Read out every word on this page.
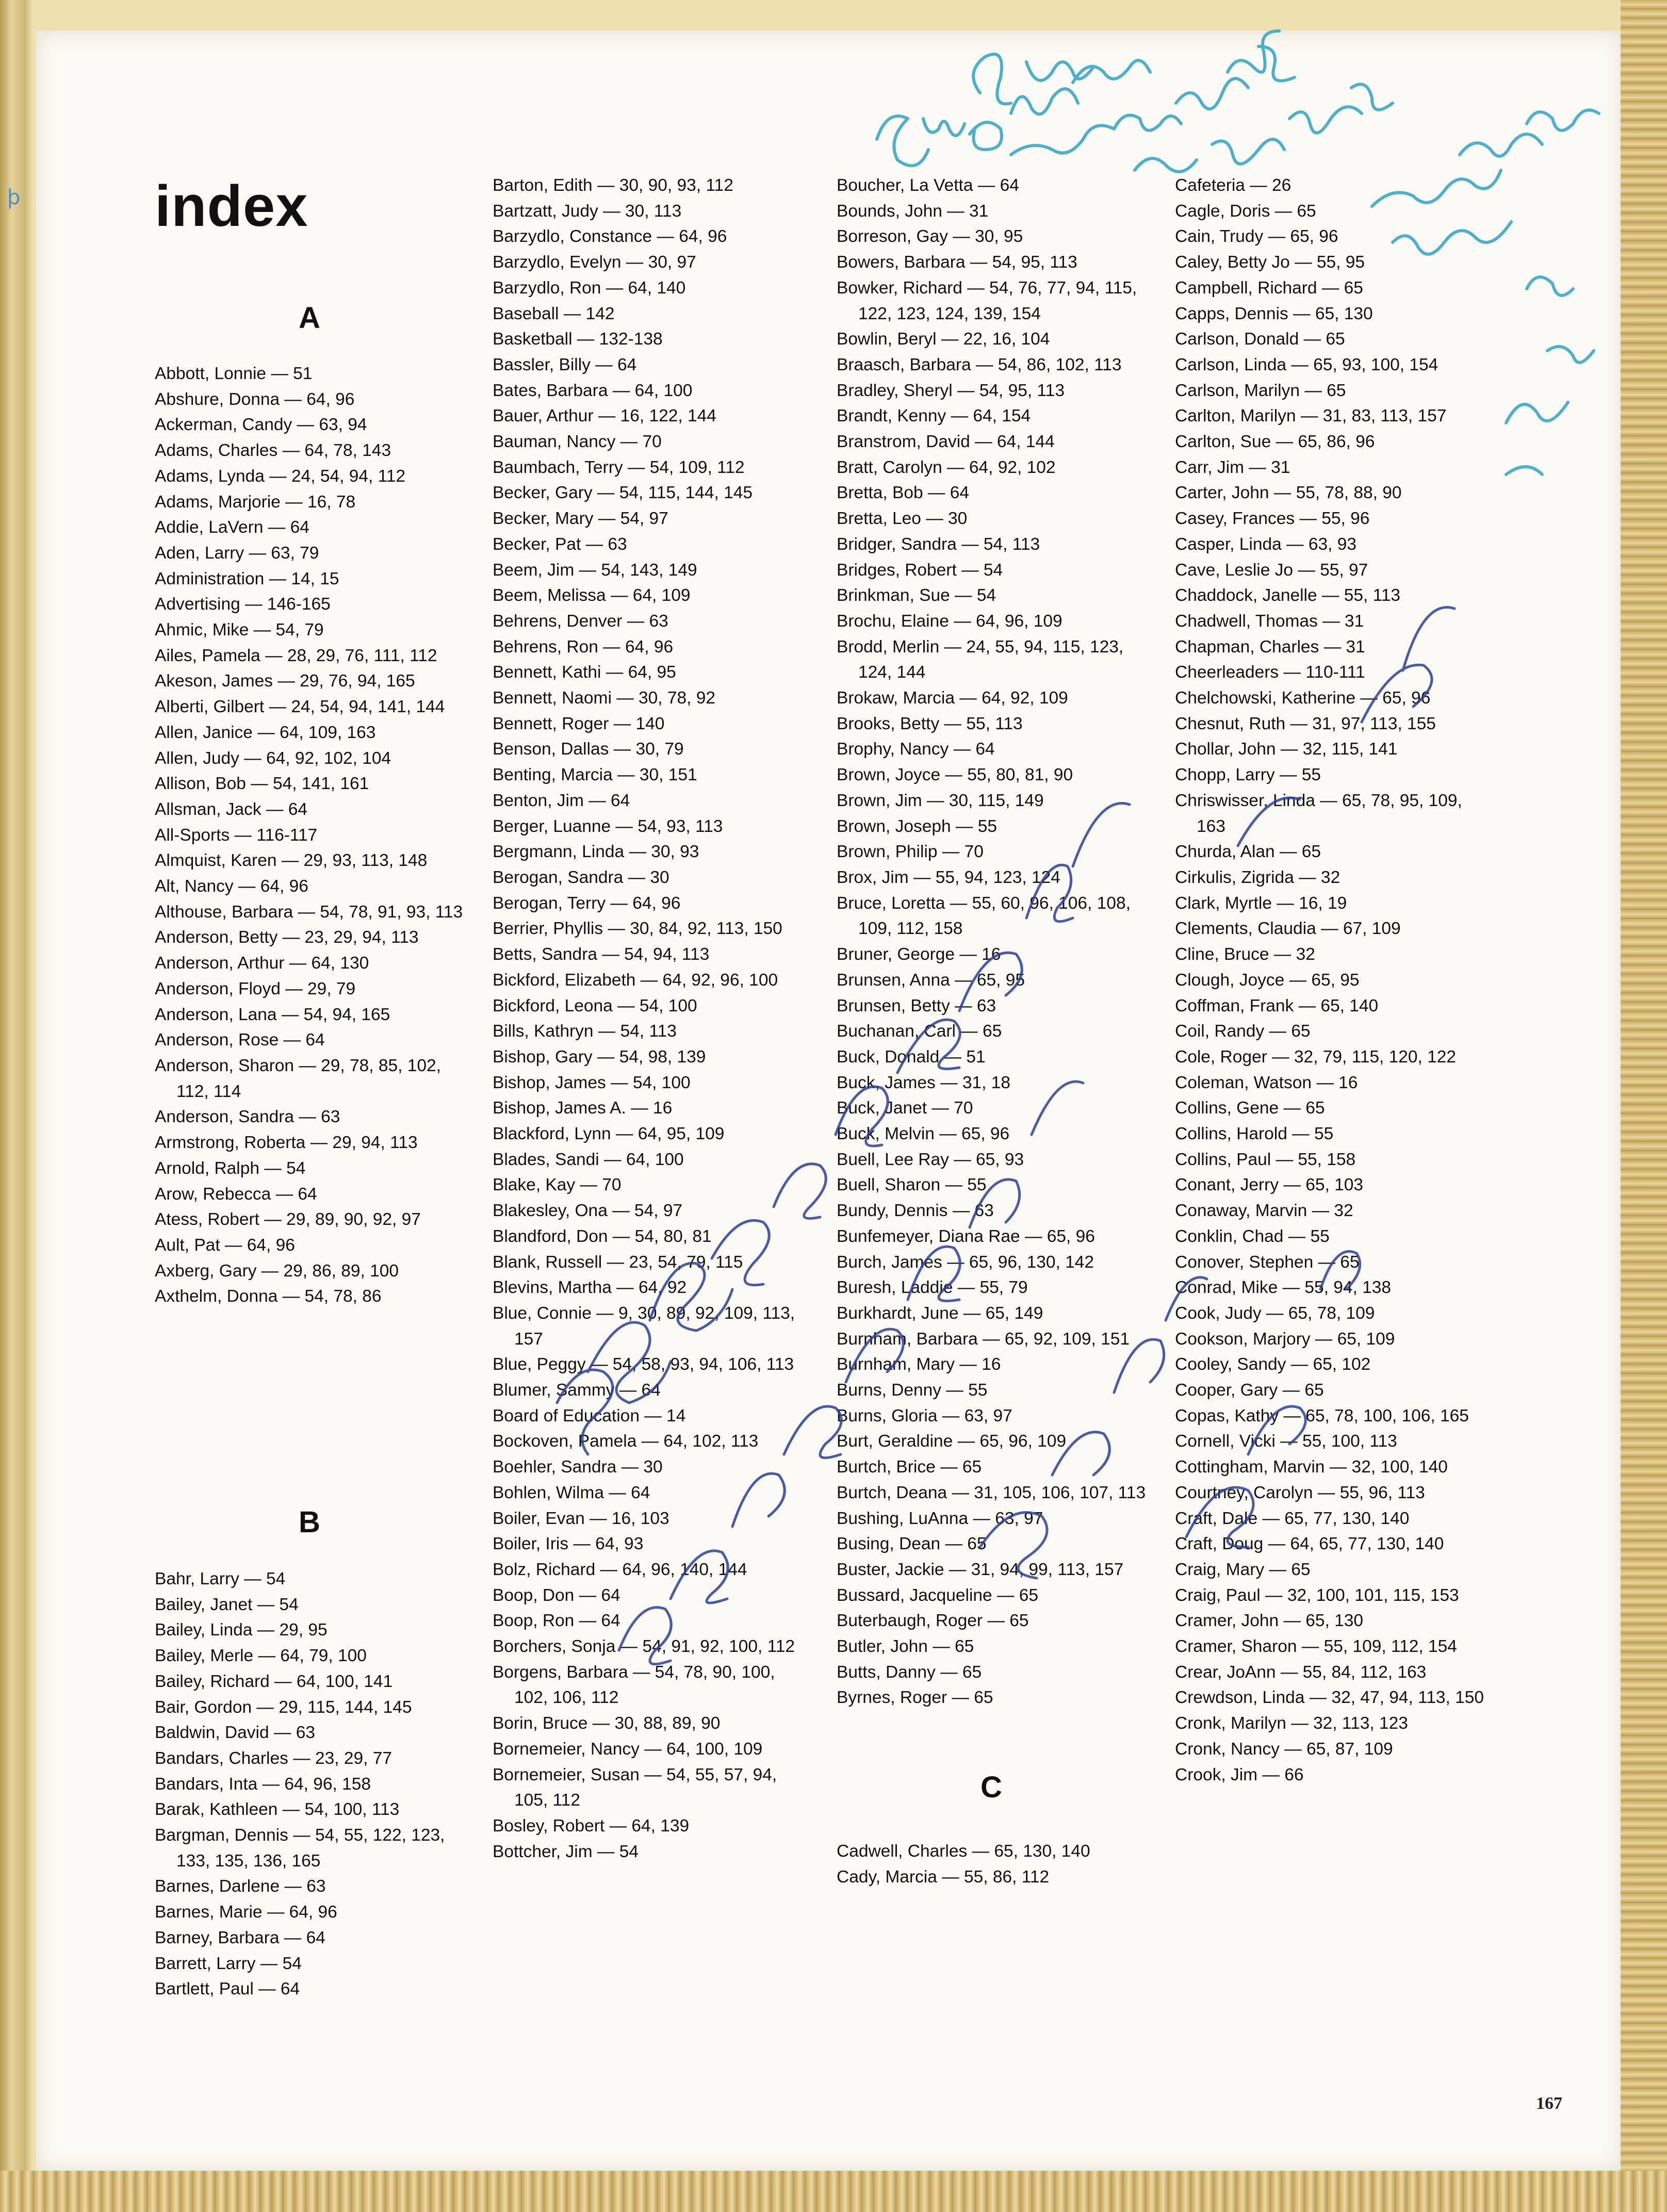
ϸ index
A
Abbott, Lonnie — 51
Abshure, Donna — 64, 96
Ackerman, Candy — 63, 94
Adams, Charles — 64, 78, 143
Adams, Lynda — 24, 54, 94, 112
Adams, Marjorie — 16, 78
Addie, LaVern — 64
Aden, Larry — 63, 79
Administration — 14, 15
Advertising — 146-165
Ahmic, Mike — 54, 79
Ailes, Pamela — 28, 29, 76, 111, 112
Akeson, James — 29, 76, 94, 165
Alberti, Gilbert — 24, 54, 94, 141, 144
Allen, Janice — 64, 109, 163
Allen, Judy — 64, 92, 102, 104
Allison, Bob — 54, 141, 161
Allsman, Jack — 64
All-Sports — 116-117
Almquist, Karen — 29, 93, 113, 148
Alt, Nancy — 64, 96
Althouse, Barbara — 54, 78, 91, 93, 113
Anderson, Betty — 23, 29, 94, 113
Anderson, Arthur — 64, 130
Anderson, Floyd — 29, 79
Anderson, Lana — 54, 94, 165
Anderson, Rose — 64
Anderson, Sharon — 29, 78, 85, 102, 112, 114
Anderson, Sandra — 63
Armstrong, Roberta — 29, 94, 113
Arnold, Ralph — 54
Arow, Rebecca — 64
Atess, Robert — 29, 89, 90, 92, 97
Ault, Pat — 64, 96
Axberg, Gary — 29, 86, 89, 100
Axthelm, Donna — 54, 78, 86
B
Bahr, Larry — 54
Bailey, Janet — 54
Bailey, Linda — 29, 95
Bailey, Merle — 64, 79, 100
Bailey, Richard — 64, 100, 141
Bair, Gordon — 29, 115, 144, 145
Baldwin, David — 63
Bandars, Charles — 23, 29, 77
Bandars, Inta — 64, 96, 158
Barak, Kathleen — 54, 100, 113
Bargman, Dennis — 54, 55, 122, 123, 133, 135, 136, 165
Barnes, Darlene — 63
Barnes, Marie — 64, 96
Barney, Barbara — 64
Barrett, Larry — 54
Bartlett, Paul — 64
Barton, Edith — 30, 90, 93, 112
Bartzatt, Judy — 30, 113
Barzydlo, Constance — 64, 96
Barzydlo, Evelyn — 30, 97
Barzydlo, Ron — 64, 140
Baseball — 142
Basketball — 132-138
Bassler, Billy — 64
Bates, Barbara — 64, 100
Bauer, Arthur — 16, 122, 144
Bauman, Nancy — 70
Baumbach, Terry — 54, 109, 112
Becker, Gary — 54, 115, 144, 145
Becker, Mary — 54, 97
Becker, Pat — 63
Beem, Jim — 54, 143, 149
Beem, Melissa — 64, 109
Behrens, Denver — 63
Behrens, Ron — 64, 96
Bennett, Kathi — 64, 95
Bennett, Naomi — 30, 78, 92
Bennett, Roger — 140
Benson, Dallas — 30, 79
Benting, Marcia — 30, 151
Benton, Jim — 64
Berger, Luanne — 54, 93, 113
Bergmann, Linda — 30, 93
Berogan, Sandra — 30
Berogan, Terry — 64, 96
Berrier, Phyllis — 30, 84, 92, 113, 150
Betts, Sandra — 54, 94, 113
Bickford, Elizabeth — 64, 92, 96, 100
Bickford, Leona — 54, 100
Bills, Kathryn — 54, 113
Bishop, Gary — 54, 98, 139
Bishop, James — 54, 100
Bishop, James A. — 16
Blackford, Lynn — 64, 95, 109
Blades, Sandi — 64, 100
Blake, Kay — 70
Blakesley, Ona — 54, 97
Blandford, Don — 54, 80, 81
Blank, Russell — 23, 54, 79, 115
Blevins, Martha — 64, 92
Blue, Connie — 9, 30, 89, 92, 109, 113, 157
Blue, Peggy — 54, 58, 93, 94, 106, 113
Blumer, Sammy — 64
Board of Education — 14
Bockoven, Pamela — 64, 102, 113
Boehler, Sandra — 30
Bohlen, Wilma — 64
Boiler, Evan — 16, 103
Boiler, Iris — 64, 93
Bolz, Richard — 64, 96, 140, 144
Boop, Don — 64
Boop, Ron — 64
Borchers, Sonja — 54, 91, 92, 100, 112
Borgens, Barbara — 54, 78, 90, 100, 102, 106, 112
Borin, Bruce — 30, 88, 89, 90
Bornemeier, Nancy — 64, 100, 109
Bornemeier, Susan — 54, 55, 57, 94, 105, 112
Bosley, Robert — 64, 139
Bottcher, Jim — 54
Boucher, La Vetta — 64
Bounds, John — 31
Borreson, Gay — 30, 95
Bowers, Barbara — 54, 95, 113
Bowker, Richard — 54, 76, 77, 94, 115, 122, 123, 124, 139, 154
Bowlin, Beryl — 22, 16, 104
Braasch, Barbara — 54, 86, 102, 113
Bradley, Sheryl — 54, 95, 113
Brandt, Kenny — 64, 154
Branstrom, David — 64, 144
Bratt, Carolyn — 64, 92, 102
Bretta, Bob — 64
Bretta, Leo — 30
Bridger, Sandra — 54, 113
Bridges, Robert — 54
Brinkman, Sue — 54
Brochu, Elaine — 64, 96, 109
Brodd, Merlin — 24, 55, 94, 115, 123, 124, 144
Brokaw, Marcia — 64, 92, 109
Brooks, Betty — 55, 113
Brophy, Nancy — 64
Brown, Joyce — 55, 80, 81, 90
Brown, Jim — 30, 115, 149
Brown, Joseph — 55
Brown, Philip — 70
Brox, Jim — 55, 94, 123, 124
Bruce, Loretta — 55, 60, 96, 106, 108, 109, 112, 158
Bruner, George — 16
Brunsen, Anna — 65, 95
Brunsen, Betty — 63
Buchanan, Carl — 65
Buck, Donald — 51
Buck, James — 31, 18
Buck, Janet — 70
Buck, Melvin — 65, 96
Buell, Lee Ray — 65, 93
Buell, Sharon — 55
Bundy, Dennis — 63
Bunfemeyer, Diana Rae — 65, 96
Burch, James — 65, 96, 130, 142
Buresh, Laddie — 55, 79
Burkhardt, June — 65, 149
Burnham, Barbara — 65, 92, 109, 151
Burnham, Mary — 16
Burns, Denny — 55
Burns, Gloria — 63, 97
Burt, Geraldine — 65, 96, 109
Burtch, Brice — 65
Burtch, Deana — 31, 105, 106, 107, 113
Bushing, LuAnna — 63, 97
Busing, Dean — 65
Buster, Jackie — 31, 94, 99, 113, 157
Bussard, Jacqueline — 65
Buterbaugh, Roger — 65
Butler, John — 65
Butts, Danny — 65
Byrnes, Roger — 65
C
Cadwell, Charles — 65, 130, 140
Cady, Marcia — 55, 86, 112
Cafeteria — 26
Cagle, Doris — 65
Cain, Trudy — 65, 96
Caley, Betty Jo — 55, 95
Campbell, Richard — 65
Capps, Dennis — 65, 130
Carlson, Donald — 65
Carlson, Linda — 65, 93, 100, 154
Carlson, Marilyn — 65
Carlton, Marilyn — 31, 83, 113, 157
Carlton, Sue — 65, 86, 96
Carr, Jim — 31
Carter, John — 55, 78, 88, 90
Casey, Frances — 55, 96
Casper, Linda — 63, 93
Cave, Leslie Jo — 55, 97
Chaddock, Janelle — 55, 113
Chadwell, Thomas — 31
Chapman, Charles — 31
Cheerleaders — 110-111
Chelchowski, Katherine — 65, 96
Chesnut, Ruth — 31, 97, 113, 155
Chollar, John — 32, 115, 141
Chopp, Larry — 55
Chriswisser, Linda — 65, 78, 95, 109, 163
Churda, Alan — 65
Cirkulis, Zigrida — 32
Clark, Myrtle — 16, 19
Clements, Claudia — 67, 109
Cline, Bruce — 32
Clough, Joyce — 65, 95
Coffman, Frank — 65, 140
Coil, Randy — 65
Cole, Roger — 32, 79, 115, 120, 122
Coleman, Watson — 16
Collins, Gene — 65
Collins, Harold — 55
Collins, Paul — 55, 158
Conant, Jerry — 65, 103
Conaway, Marvin — 32
Conklin, Chad — 55
Conover, Stephen — 65
Conrad, Mike — 55, 94, 138
Cook, Judy — 65, 78, 109
Cookson, Marjory — 65, 109
Cooley, Sandy — 65, 102
Cooper, Gary — 65
Copas, Kathy — 65, 78, 100, 106, 165
Cornell, Vicki — 55, 100, 113
Cottingham, Marvin — 32, 100, 140
Courtney, Carolyn — 55, 96, 113
Craft, Dale — 65, 77, 130, 140
Craft, Doug — 64, 65, 77, 130, 140
Craig, Mary — 65
Craig, Paul — 32, 100, 101, 115, 153
Cramer, John — 65, 130
Cramer, Sharon — 55, 109, 112, 154
Crear, JoAnn — 55, 84, 112, 163
Crewdson, Linda — 32, 47, 94, 113, 150
Cronk, Marilyn — 32, 113, 123
Cronk, Nancy — 65, 87, 109
Crook, Jim — 66
167
